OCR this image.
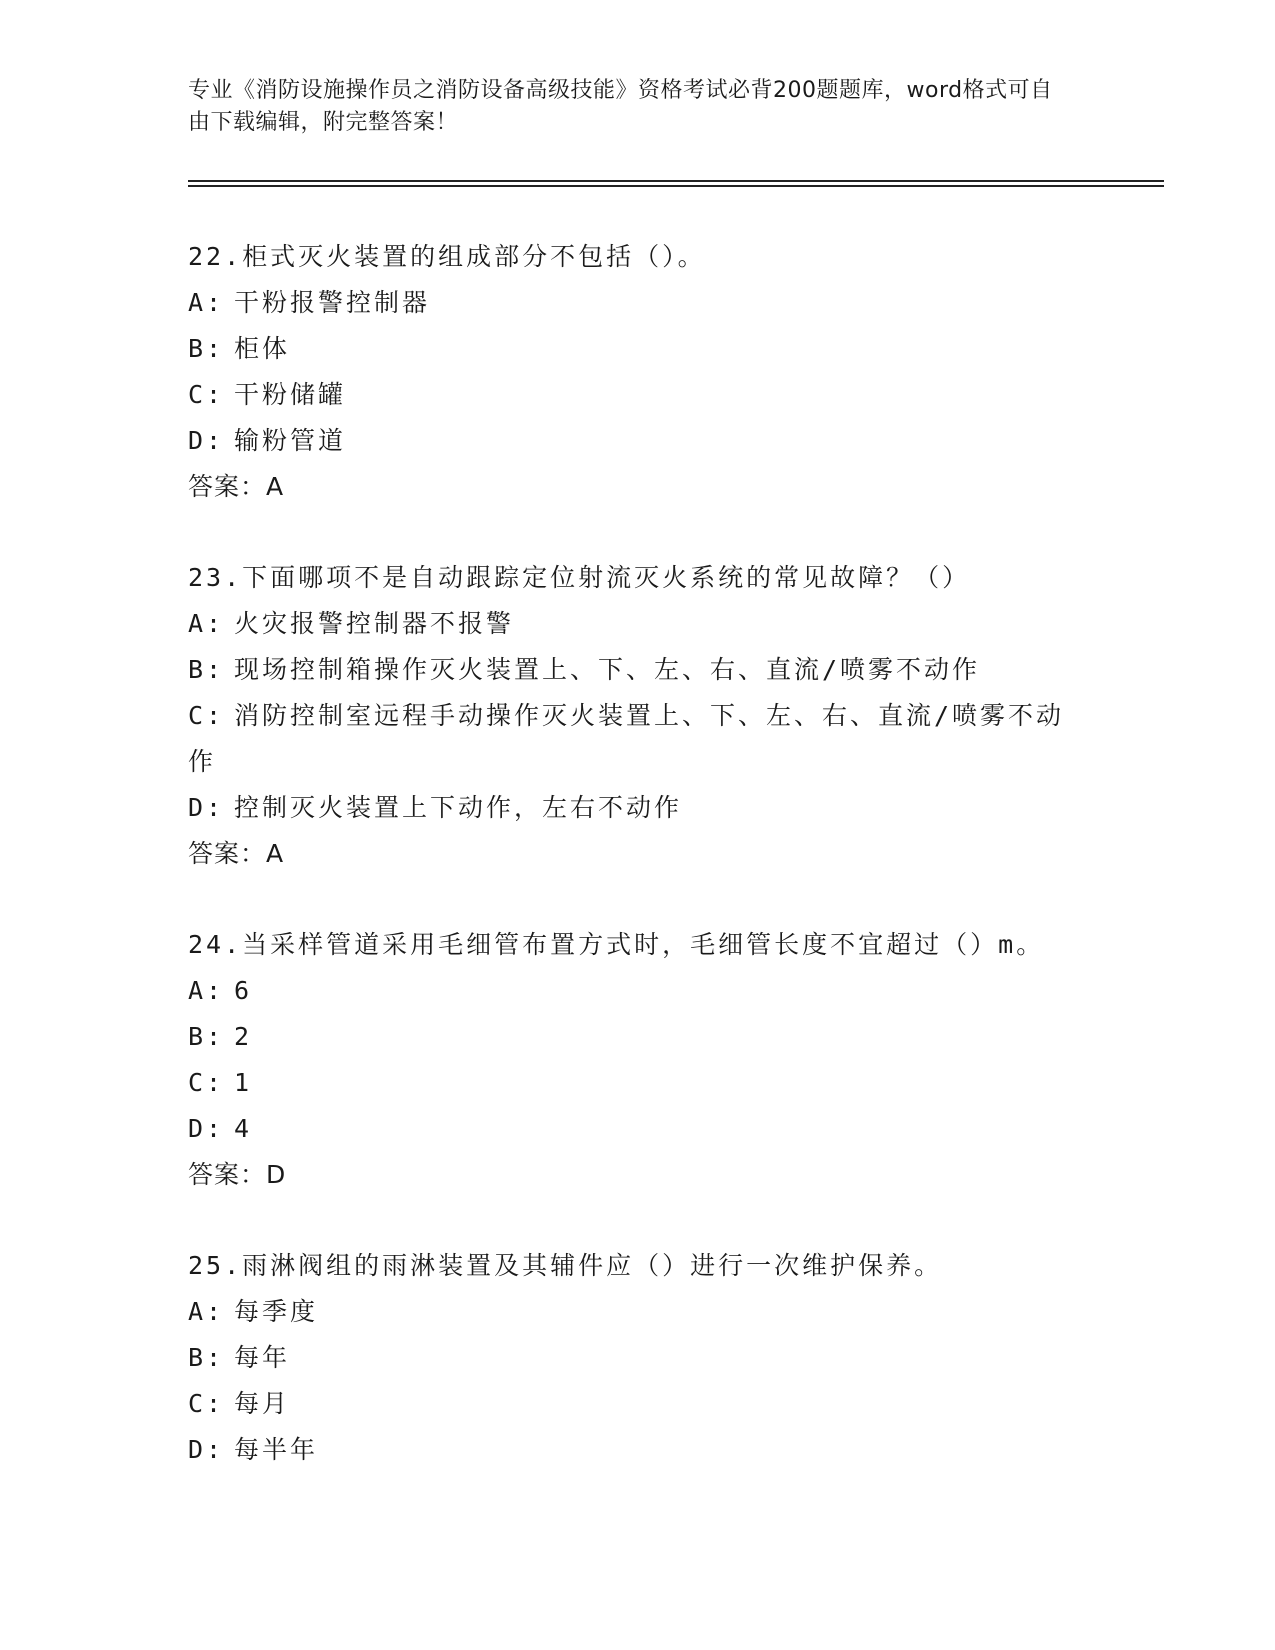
专业《消防设施操作员之消防设备高级技能》资格考试必背200题题库，word格式可自由下载编辑，附完整答案！
22.柜式灭火装置的组成部分不包括（）。
A: 干粉报警控制器
B: 柜体
C: 干粉储罐
D: 输粉管道
答案：A
23.下面哪项不是自动跟踪定位射流灭火系统的常见故障？（）
A: 火灾报警控制器不报警
B: 现场控制箱操作灭火装置上、下、左、右、直流/喷雾不动作
C: 消防控制室远程手动操作灭火装置上、下、左、右、直流/喷雾不动作
D: 控制灭火装置上下动作，左右不动作
答案：A
24.当采样管道采用毛细管布置方式时，毛细管长度不宜超过（）m。
A: 6
B: 2
C: 1
D: 4
答案：D
25.雨淋阀组的雨淋装置及其辅件应（）进行一次维护保养。
A: 每季度
B: 每年
C: 每月
D: 每半年
